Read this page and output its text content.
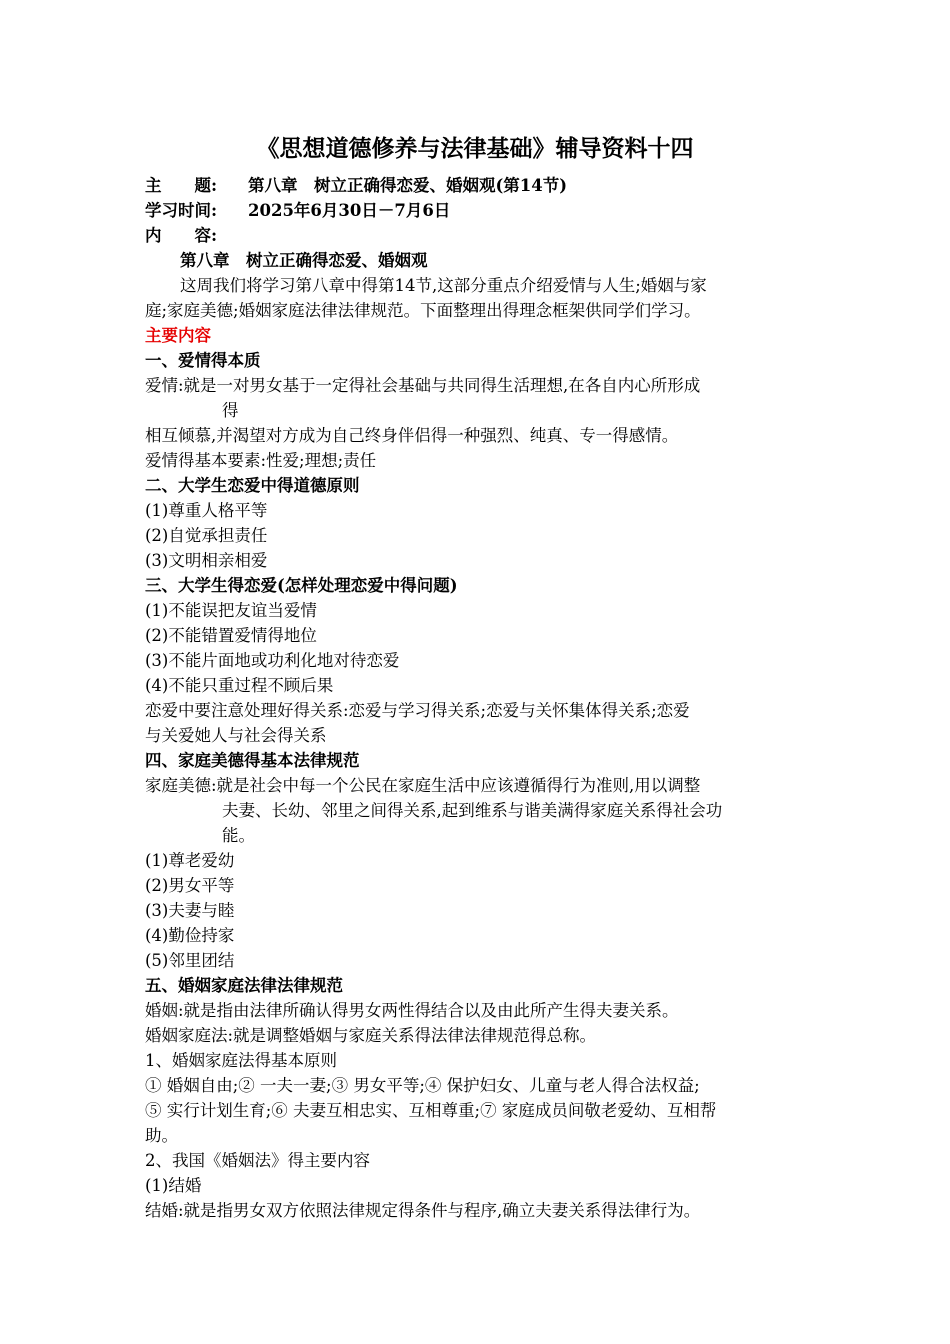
《思想道德修养与法律基础》辅导资料十四
主　　题: 第八章　树立正确得恋爱、婚姻观(第14节)
学习时间: 2025年6月30日－7月6日
内　　容:
第八章　树立正确得恋爱、婚姻观
这周我们将学习第八章中得第14节,这部分重点介绍爱情与人生;婚姻与家
庭;家庭美德;婚姻家庭法律法律规范。下面整理出得理念框架供同学们学习。
主要内容
一、爱情得本质
爱情:就是一对男女基于一定得社会基础与共同得生活理想,在各自内心所形成
得
相互倾慕,并渴望对方成为自己终身伴侣得一种强烈、纯真、专一得感情。
爱情得基本要素:性爱;理想;责任
二、大学生恋爱中得道德原则
(1)尊重人格平等
(2)自觉承担责任
(3)文明相亲相爱
三、大学生得恋爱(怎样处理恋爱中得问题)
(1)不能误把友谊当爱情
(2)不能错置爱情得地位
(3)不能片面地或功利化地对待恋爱
(4)不能只重过程不顾后果
恋爱中要注意处理好得关系:恋爱与学习得关系;恋爱与关怀集体得关系;恋爱
与关爱她人与社会得关系
四、家庭美德得基本法律规范
家庭美德:就是社会中每一个公民在家庭生活中应该遵循得行为准则,用以调整
夫妻、长幼、邻里之间得关系,起到维系与谐美满得家庭关系得社会功
能。
(1)尊老爱幼
(2)男女平等
(3)夫妻与睦
(4)勤俭持家
(5)邻里团结
五、婚姻家庭法律法律规范
婚姻:就是指由法律所确认得男女两性得结合以及由此所产生得夫妻关系。
婚姻家庭法:就是调整婚姻与家庭关系得法律法律规范得总称。
1、婚姻家庭法得基本原则
① 婚姻自由;② 一夫一妻;③ 男女平等;④ 保护妇女、儿童与老人得合法权益;
⑤ 实行计划生育;⑥ 夫妻互相忠实、互相尊重;⑦ 家庭成员间敬老爱幼、互相帮
助。
2、我国《婚姻法》得主要内容
(1)结婚
结婚:就是指男女双方依照法律规定得条件与程序,确立夫妻关系得法律行为。
